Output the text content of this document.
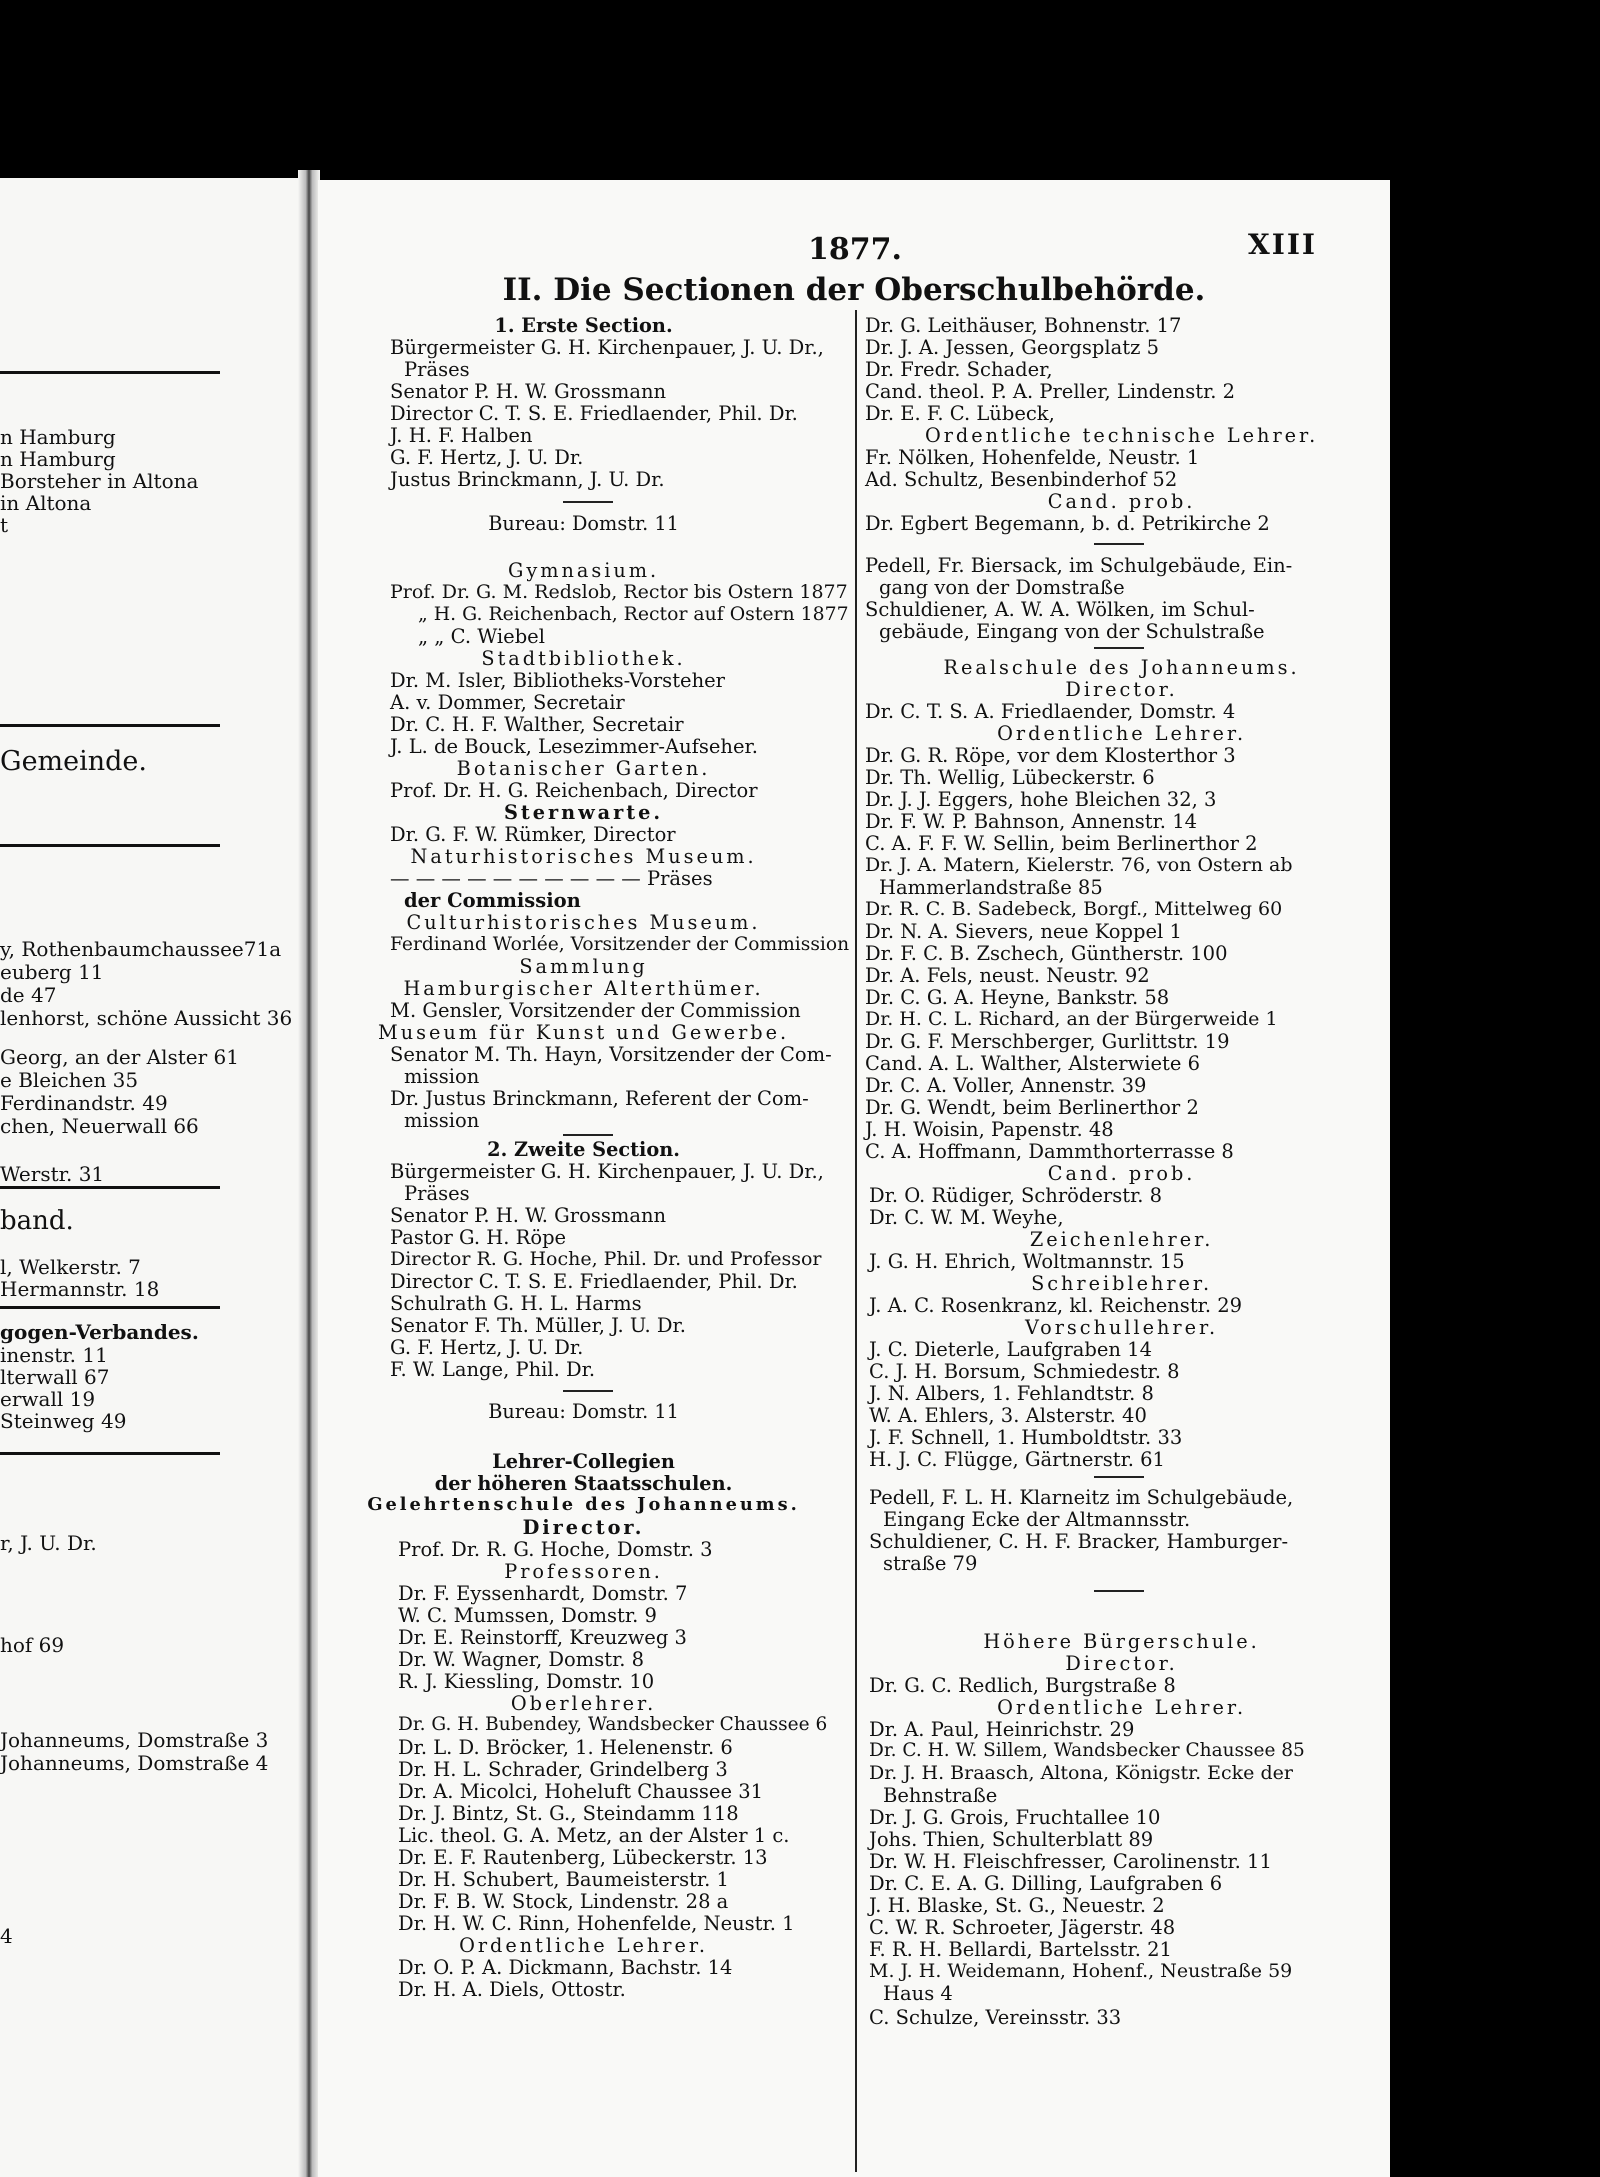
n Hamburg
n Hamburg
Borsteher in Altona
in Altona
t
Gemeinde.
y, Rothenbaumchaussee71a
euberg 11
de 47
lenhorst, schöne Aussicht 36
Georg, an der Alster 61
e Bleichen 35
Ferdinandstr. 49
chen, Neuerwall 66
Werstr. 31
band.
l, Welkerstr. 7
Hermannstr. 18
gogen-Verbandes.
inenstr. 11
lterwall 67
erwall 19
Steinweg 49
r, J. U. Dr.
hof 69
Johanneums, Domstraße 3
Johanneums, Domstraße 4
4
1877.	XIII
II. Die Sectionen der Oberschulbehörde.
1. Erste Section.
Bürgermeister G. H. Kirchenpauer, J. U. Dr.,
Präses
Senator P. H. W. Grossmann
Director C. T. S. E. Friedlaender, Phil. Dr.
J. H. F. Halben
G. F. Hertz, J. U. Dr.
Justus Brinckmann, J. U. Dr.
Bureau: Domstr. 11
Gymnasium.
Prof. Dr. G. M. Redslob, Rector bis Ostern 1877
„ H. G. Reichenbach, Rector auf Ostern 1877
„ „ C. Wiebel
Stadtbibliothek.
Dr. M. Isler, Bibliotheks-Vorsteher
A. v. Dommer, Secretair
Dr. C. H. F. Walther, Secretair
J. L. de Bouck, Lesezimmer-Aufseher.
Botanischer Garten.
Prof. Dr. H. G. Reichenbach, Director
Sternwarte.
Dr. G. F. W. Rümker, Director
Naturhistorisches Museum.
— — — — — — — — — — Präses
der Commission
Culturhistorisches Museum.
Ferdinand Worlée, Vorsitzender der Commission
Sammlung
Hamburgischer Alterthümer.
M. Gensler, Vorsitzender der Commission
Museum für Kunst und Gewerbe.
Senator M. Th. Hayn, Vorsitzender der Com-
mission
Dr. Justus Brinckmann, Referent der Com-
mission
2. Zweite Section.
Bürgermeister G. H. Kirchenpauer, J. U. Dr.,
Präses
Senator P. H. W. Grossmann
Pastor G. H. Röpe
Director R. G. Hoche, Phil. Dr. und Professor
Director C. T. S. E. Friedlaender, Phil. Dr.
Schulrath G. H. L. Harms
Senator F. Th. Müller, J. U. Dr.
G. F. Hertz, J. U. Dr.
F. W. Lange, Phil. Dr.
Bureau: Domstr. 11
Lehrer-Collegien
der höheren Staatsschulen.
Gelehrtenschule des Johanneums.
Director.
Prof. Dr. R. G. Hoche, Domstr. 3
Professoren.
Dr. F. Eyssenhardt, Domstr. 7
W. C. Mumssen, Domstr. 9
Dr. E. Reinstorff, Kreuzweg 3
Dr. W. Wagner, Domstr. 8
R. J. Kiessling, Domstr. 10
Oberlehrer.
Dr. G. H. Bubendey, Wandsbecker Chaussee 6
Dr. L. D. Bröcker, 1. Helenenstr. 6
Dr. H. L. Schrader, Grindelberg 3
Dr. A. Micolci, Hoheluft Chaussee 31
Dr. J. Bintz, St. G., Steindamm 118
Lic. theol. G. A. Metz, an der Alster 1 c.
Dr. E. F. Rautenberg, Lübeckerstr. 13
Dr. H. Schubert, Baumeisterstr. 1
Dr. F. B. W. Stock, Lindenstr. 28 a
Dr. H. W. C. Rinn, Hohenfelde, Neustr. 1
Ordentliche Lehrer.
Dr. O. P. A. Dickmann, Bachstr. 14
Dr. H. A. Diels, Ottostr.
Dr. G. Leithäuser, Bohnenstr. 17
Dr. J. A. Jessen, Georgsplatz 5
Dr. Fredr. Schader,
Cand. theol. P. A. Preller, Lindenstr. 2
Dr. E. F. C. Lübeck,
Ordentliche technische Lehrer.
Fr. Nölken, Hohenfelde, Neustr. 1
Ad. Schultz, Besenbinderhof 52
Cand. prob.
Dr. Egbert Begemann, b. d. Petrikirche 2
Pedell, Fr. Biersack, im Schulgebäude, Ein-
gang von der Domstraße
Schuldiener, A. W. A. Wölken, im Schul-
gebäude, Eingang von der Schulstraße
Realschule des Johanneums.
Director.
Dr. C. T. S. A. Friedlaender, Domstr. 4
Ordentliche Lehrer.
Dr. G. R. Röpe, vor dem Klosterthor 3
Dr. Th. Wellig, Lübeckerstr. 6
Dr. J. J. Eggers, hohe Bleichen 32, 3
Dr. F. W. P. Bahnson, Annenstr. 14
C. A. F. F. W. Sellin, beim Berlinerthor 2
Dr. J. A. Matern, Kielerstr. 76, von Ostern ab
Hammerlandstraße 85
Dr. R. C. B. Sadebeck, Borgf., Mittelweg 60
Dr. N. A. Sievers, neue Koppel 1
Dr. F. C. B. Zschech, Güntherstr. 100
Dr. A. Fels, neust. Neustr. 92
Dr. C. G. A. Heyne, Bankstr. 58
Dr. H. C. L. Richard, an der Bürgerweide 1
Dr. G. F. Merschberger, Gurlittstr. 19
Cand. A. L. Walther, Alsterwiete 6
Dr. C. A. Voller, Annenstr. 39
Dr. G. Wendt, beim Berlinerthor 2
J. H. Woisin, Papenstr. 48
C. A. Hoffmann, Dammthorterrasse 8
Cand. prob.
Dr. O. Rüdiger, Schröderstr. 8
Dr. C. W. M. Weyhe,
Zeichenlehrer.
J. G. H. Ehrich, Woltmannstr. 15
Schreiblehrer.
J. A. C. Rosenkranz, kl. Reichenstr. 29
Vorschullehrer.
J. C. Dieterle, Laufgraben 14
C. J. H. Borsum, Schmiedestr. 8
J. N. Albers, 1. Fehlandtstr. 8
W. A. Ehlers, 3. Alsterstr. 40
J. F. Schnell, 1. Humboldtstr. 33
H. J. C. Flügge, Gärtnerstr. 61
Pedell, F. L. H. Klarneitz im Schulgebäude,
Eingang Ecke der Altmannsstr.
Schuldiener, C. H. F. Bracker, Hamburger-
straße 79
Höhere Bürgerschule.
Director.
Dr. G. C. Redlich, Burgstraße 8
Ordentliche Lehrer.
Dr. A. Paul, Heinrichstr. 29
Dr. C. H. W. Sillem, Wandsbecker Chaussee 85
Dr. J. H. Braasch, Altona, Königstr. Ecke der
Behnstraße
Dr. J. G. Grois, Fruchtallee 10
Johs. Thien, Schulterblatt 89
Dr. W. H. Fleischfresser, Carolinenstr. 11
Dr. C. E. A. G. Dilling, Laufgraben 6
J. H. Blaske, St. G., Neuestr. 2
C. W. R. Schroeter, Jägerstr. 48
F. R. H. Bellardi, Bartelsstr. 21
M. J. H. Weidemann, Hohenf., Neustraße 59
Haus 4
C. Schulze, Vereinsstr. 33
